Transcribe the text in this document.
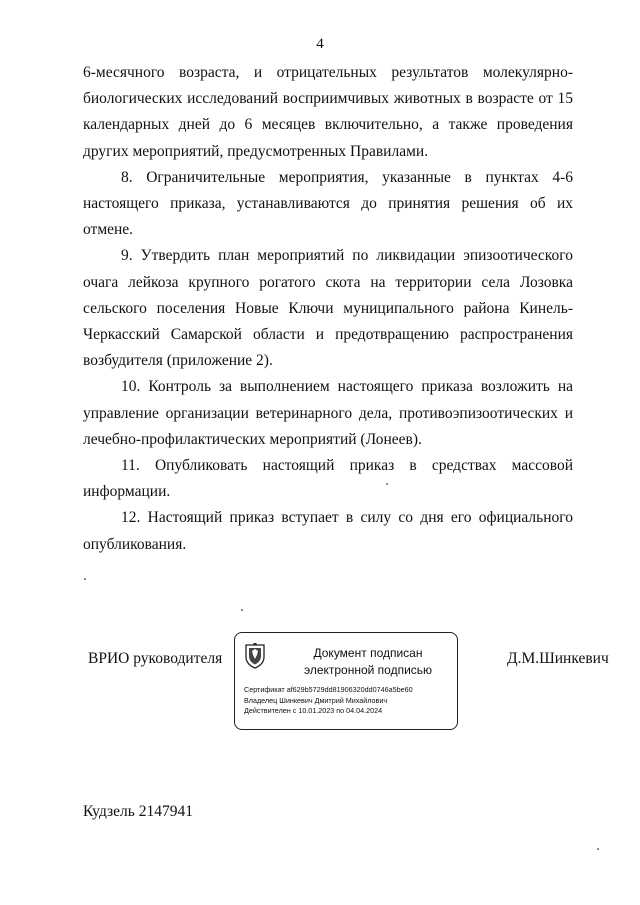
4

6-месячного возраста, и отрицательных результатов молекулярно-биологических исследований восприимчивых животных в возрасте от 15 календарных дней до 6 месяцев включительно, а также проведения других мероприятий, предусмотренных Правилами.

8. Ограничительные мероприятия, указанные в пунктах 4-6 настоящего приказа, устанавливаются до принятия решения об их отмене.

9. Утвердить план мероприятий по ликвидации эпизоотического очага лейкоза крупного рогатого скота на территории села Лозовка сельского поселения Новые Ключи муниципального района Кинель-Черкасский Самарской области и предотвращению распространения возбудителя (приложение 2).

10. Контроль за выполнением настоящего приказа возложить на управление организации ветеринарного дела, противоэпизоотических и лечебно-профилактических мероприятий (Лонеев).

11. Опубликовать настоящий приказ в средствах массовой информации.

12. Настоящий приказ вступает в силу со дня его официального опубликования.

ВРИО руководителя	Документ подписан
электронной подписью
Сертификат af629b5729dd81906320dd0746a5be60
Владелец Шинкевич Дмитрий Михайлович
Действителен с 10.01.2023 по 04.04.2024
Д.М.Шинкевич
Кудзель 2147941
